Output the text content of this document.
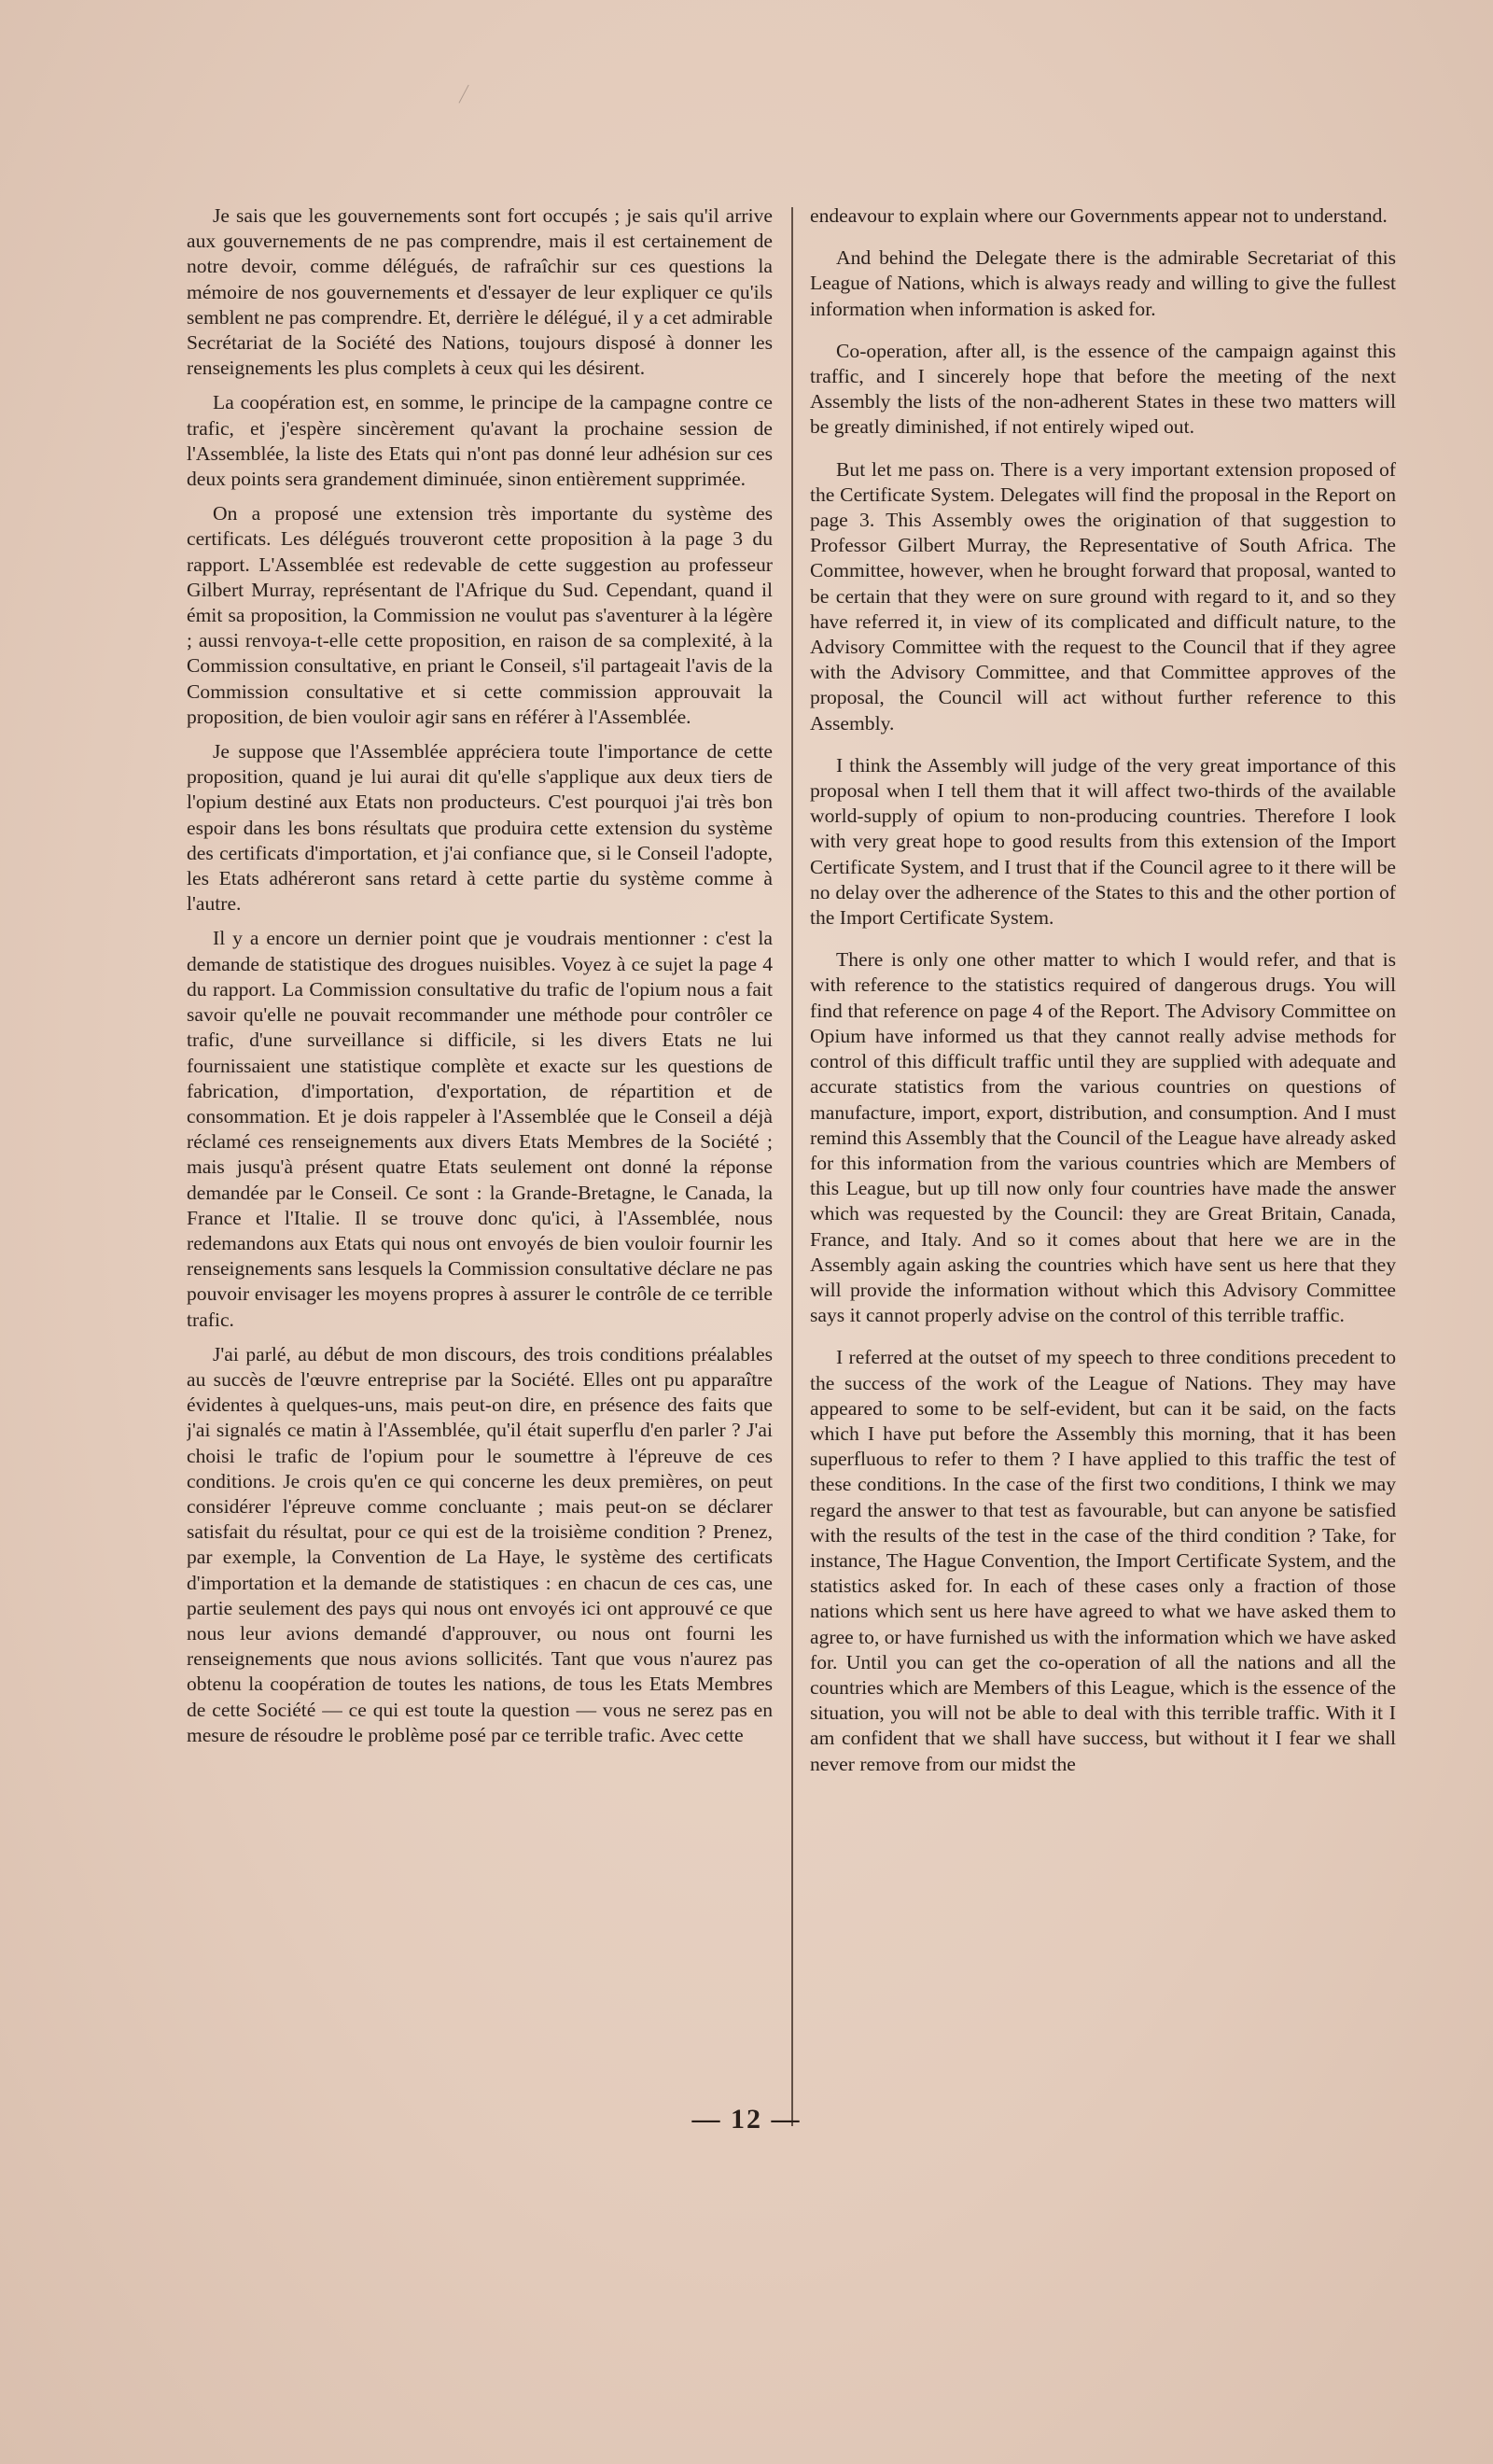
Je sais que les gouvernements sont fort occupés ; je sais qu'il arrive aux gouvernements de ne pas comprendre, mais il est certainement de notre devoir, comme délégués, de rafraîchir sur ces questions la mémoire de nos gouvernements et d'essayer de leur expliquer ce qu'ils semblent ne pas comprendre. Et, derrière le délégué, il y a cet admirable Secrétariat de la Société des Nations, toujours disposé à donner les renseignements les plus complets à ceux qui les désirent.

La coopération est, en somme, le principe de la campagne contre ce trafic, et j'espère sincèrement qu'avant la prochaine session de l'Assemblée, la liste des Etats qui n'ont pas donné leur adhésion sur ces deux points sera grandement diminuée, sinon entièrement supprimée.

On a proposé une extension très importante du système des certificats. Les délégués trouveront cette proposition à la page 3 du rapport. L'Assemblée est redevable de cette suggestion au professeur Gilbert Murray, représentant de l'Afrique du Sud. Cependant, quand il émit sa proposition, la Commission ne voulut pas s'aventurer à la légère ; aussi renvoya-t-elle cette proposition, en raison de sa complexité, à la Commission consultative, en priant le Conseil, s'il partageait l'avis de la Commission consultative et si cette commission approuvait la proposition, de bien vouloir agir sans en référer à l'Assemblée.

Je suppose que l'Assemblée appréciera toute l'importance de cette proposition, quand je lui aurai dit qu'elle s'applique aux deux tiers de l'opium destiné aux Etats non producteurs. C'est pourquoi j'ai très bon espoir dans les bons résultats que produira cette extension du système des certificats d'importation, et j'ai confiance que, si le Conseil l'adopte, les Etats adhéreront sans retard à cette partie du système comme à l'autre.

Il y a encore un dernier point que je voudrais mentionner : c'est la demande de statistique des drogues nuisibles. Voyez à ce sujet la page 4 du rapport. La Commission consultative du trafic de l'opium nous a fait savoir qu'elle ne pouvait recommander une méthode pour contrôler ce trafic, d'une surveillance si difficile, si les divers Etats ne lui fournissaient une statistique complète et exacte sur les questions de fabrication, d'importation, d'exportation, de répartition et de consommation. Et je dois rappeler à l'Assemblée que le Conseil a déjà réclamé ces renseignements aux divers Etats Membres de la Société ; mais jusqu'à présent quatre Etats seulement ont donné la réponse demandée par le Conseil. Ce sont : la Grande-Bretagne, le Canada, la France et l'Italie. Il se trouve donc qu'ici, à l'Assemblée, nous redemandons aux Etats qui nous ont envoyés de bien vouloir fournir les renseignements sans lesquels la Commission consultative déclare ne pas pouvoir envisager les moyens propres à assurer le contrôle de ce terrible trafic.

J'ai parlé, au début de mon discours, des trois conditions préalables au succès de l'œuvre entreprise par la Société. Elles ont pu apparaître évidentes à quelques-uns, mais peut-on dire, en présence des faits que j'ai signalés ce matin à l'Assemblée, qu'il était superflu d'en parler ? J'ai choisi le trafic de l'opium pour le soumettre à l'épreuve de ces conditions. Je crois qu'en ce qui concerne les deux premières, on peut considérer l'épreuve comme concluante ; mais peut-on se déclarer satisfait du résultat, pour ce qui est de la troisième condition ? Prenez, par exemple, la Convention de La Haye, le système des certificats d'importation et la demande de statistiques : en chacun de ces cas, une partie seulement des pays qui nous ont envoyés ici ont approuvé ce que nous leur avions demandé d'approuver, ou nous ont fourni les renseignements que nous avions sollicités. Tant que vous n'aurez pas obtenu la coopération de toutes les nations, de tous les Etats Membres de cette Société — ce qui est toute la question — vous ne serez pas en mesure de résoudre le problème posé par ce terrible trafic. Avec cette

endeavour to explain where our Governments appear not to understand.

And behind the Delegate there is the admirable Secretariat of this League of Nations, which is always ready and willing to give the fullest information when information is asked for.

Co-operation, after all, is the essence of the campaign against this traffic, and I sincerely hope that before the meeting of the next Assembly the lists of the non-adherent States in these two matters will be greatly diminished, if not entirely wiped out.

But let me pass on. There is a very important extension proposed of the Certificate System. Delegates will find the proposal in the Report on page 3. This Assembly owes the origination of that suggestion to Professor Gilbert Murray, the Representative of South Africa. The Committee, however, when he brought forward that proposal, wanted to be certain that they were on sure ground with regard to it, and so they have referred it, in view of its complicated and difficult nature, to the Advisory Committee with the request to the Council that if they agree with the Advisory Committee, and that Committee approves of the proposal, the Council will act without further reference to this Assembly.

I think the Assembly will judge of the very great importance of this proposal when I tell them that it will affect two-thirds of the available world-supply of opium to non-producing countries. Therefore I look with very great hope to good results from this extension of the Import Certificate System, and I trust that if the Council agree to it there will be no delay over the adherence of the States to this and the other portion of the Import Certificate System.

There is only one other matter to which I would refer, and that is with reference to the statistics required of dangerous drugs. You will find that reference on page 4 of the Report. The Advisory Committee on Opium have informed us that they cannot really advise methods for control of this difficult traffic until they are supplied with adequate and accurate statistics from the various countries on questions of manufacture, import, export, distribution, and consumption. And I must remind this Assembly that the Council of the League have already asked for this information from the various countries which are Members of this League, but up till now only four countries have made the answer which was requested by the Council: they are Great Britain, Canada, France, and Italy. And so it comes about that here we are in the Assembly again asking the countries which have sent us here that they will provide the information without which this Advisory Committee says it cannot properly advise on the control of this terrible traffic.

I referred at the outset of my speech to three conditions precedent to the success of the work of the League of Nations. They may have appeared to some to be self-evident, but can it be said, on the facts which I have put before the Assembly this morning, that it has been superfluous to refer to them ? I have applied to this traffic the test of these conditions. In the case of the first two conditions, I think we may regard the answer to that test as favourable, but can anyone be satisfied with the results of the test in the case of the third condition ? Take, for instance, The Hague Convention, the Import Certificate System, and the statistics asked for. In each of these cases only a fraction of those nations which sent us here have agreed to what we have asked them to agree to, or have furnished us with the information which we have asked for. Until you can get the co-operation of all the nations and all the countries which are Members of this League, which is the essence of the situation, you will not be able to deal with this terrible traffic. With it I am confident that we shall have success, but without it I fear we shall never remove from our midst the

— 12 —
